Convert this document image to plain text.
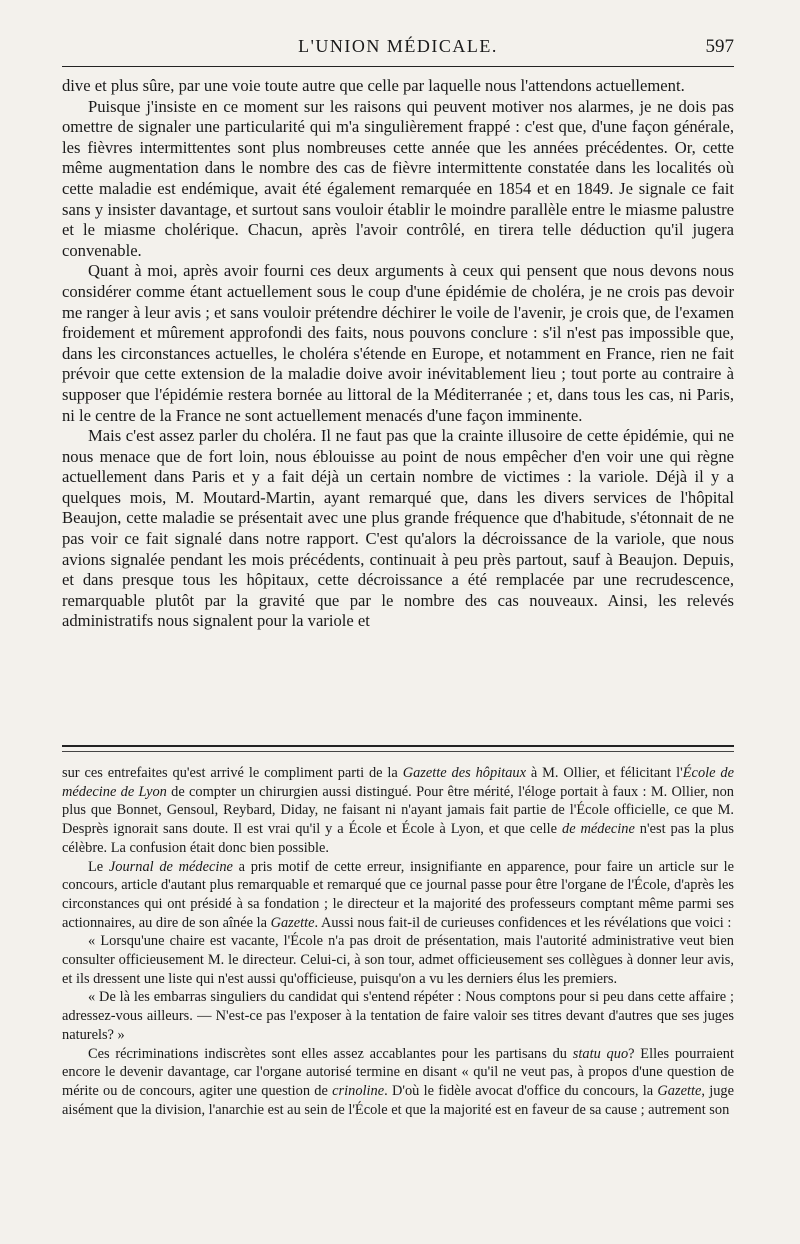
L'UNION MÉDICALE.	597

dive et plus sûre, par une voie toute autre que celle par laquelle nous l'attendons actuellement.

Puisque j'insiste en ce moment sur les raisons qui peuvent motiver nos alarmes, je ne dois pas omettre de signaler une particularité qui m'a singulièrement frappé : c'est que, d'une façon générale, les fièvres intermittentes sont plus nombreuses cette année que les années précédentes. Or, cette même augmentation dans le nombre des cas de fièvre intermittente constatée dans les localités où cette maladie est endémique, avait été également remarquée en 1854 et en 1849. Je signale ce fait sans y insister davantage, et surtout sans vouloir établir le moindre parallèle entre le miasme palustre et le miasme cholérique. Chacun, après l'avoir contrôlé, en tirera telle déduction qu'il jugera convenable.

Quant à moi, après avoir fourni ces deux arguments à ceux qui pensent que nous devons nous considérer comme étant actuellement sous le coup d'une épidémie de choléra, je ne crois pas devoir me ranger à leur avis ; et sans vouloir prétendre déchirer le voile de l'avenir, je crois que, de l'examen froidement et mûrement approfondi des faits, nous pouvons conclure : s'il n'est pas impossible que, dans les circonstances actuelles, le choléra s'étende en Europe, et notamment en France, rien ne fait prévoir que cette extension de la maladie doive avoir inévitablement lieu ; tout porte au contraire à supposer que l'épidémie restera bornée au littoral de la Méditerranée ; et, dans tous les cas, ni Paris, ni le centre de la France ne sont actuellement menacés d'une façon imminente.

Mais c'est assez parler du choléra. Il ne faut pas que la crainte illusoire de cette épidémie, qui ne nous menace que de fort loin, nous éblouisse au point de nous empêcher d'en voir une qui règne actuellement dans Paris et y a fait déjà un certain nombre de victimes : la variole. Déjà il y a quelques mois, M. Moutard-Martin, ayant remarqué que, dans les divers services de l'hôpital Beaujon, cette maladie se présentait avec une plus grande fréquence que d'habitude, s'étonnait de ne pas voir ce fait signalé dans notre rapport. C'est qu'alors la décroissance de la variole, que nous avions signalée pendant les mois précédents, continuait à peu près partout, sauf à Beaujon. Depuis, et dans presque tous les hôpitaux, cette décroissance a été remplacée par une recrudescence, remarquable plutôt par la gravité que par le nombre des cas nouveaux. Ainsi, les relevés administratifs nous signalent pour la variole et

sur ces entrefaites qu'est arrivé le compliment parti de la Gazette des hôpitaux à M. Ollier, et félicitant l'École de médecine de Lyon de compter un chirurgien aussi distingué. Pour être mérité, l'éloge portait à faux : M. Ollier, non plus que Bonnet, Gensoul, Reybard, Diday, ne faisant ni n'ayant jamais fait partie de l'École officielle, ce que M. Desprès ignorait sans doute. Il est vrai qu'il y a École et École à Lyon, et que celle de médecine n'est pas la plus célèbre. La confusion était donc bien possible.

Le Journal de médecine a pris motif de cette erreur, insignifiante en apparence, pour faire un article sur le concours, article d'autant plus remarquable et remarqué que ce journal passe pour être l'organe de l'École, d'après les circonstances qui ont présidé à sa fondation ; le directeur et la majorité des professeurs comptant même parmi ses actionnaires, au dire de son aînée la Gazette. Aussi nous fait-il de curieuses confidences et les révélations que voici :

« Lorsqu'une chaire est vacante, l'École n'a pas droit de présentation, mais l'autorité administrative veut bien consulter officieusement M. le directeur. Celui-ci, à son tour, admet officieusement ses collègues à donner leur avis, et ils dressent une liste qui n'est aussi qu'officieuse, puisqu'on a vu les derniers élus les premiers.

« De là les embarras singuliers du candidat qui s'entend répéter : Nous comptons pour si peu dans cette affaire ; adressez-vous ailleurs. — N'est-ce pas l'exposer à la tentation de faire valoir ses titres devant d'autres que ses juges naturels? »

Ces récriminations indiscrètes sont elles assez accablantes pour les partisans du statu quo? Elles pourraient encore le devenir davantage, car l'organe autorisé termine en disant « qu'il ne veut pas, à propos d'une question de mérite ou de concours, agiter une question de crinoline. D'où le fidèle avocat d'office du concours, la Gazette, juge aisément que la division, l'anarchie est au sein de l'École et que la majorité est en faveur de sa cause ; autrement son
